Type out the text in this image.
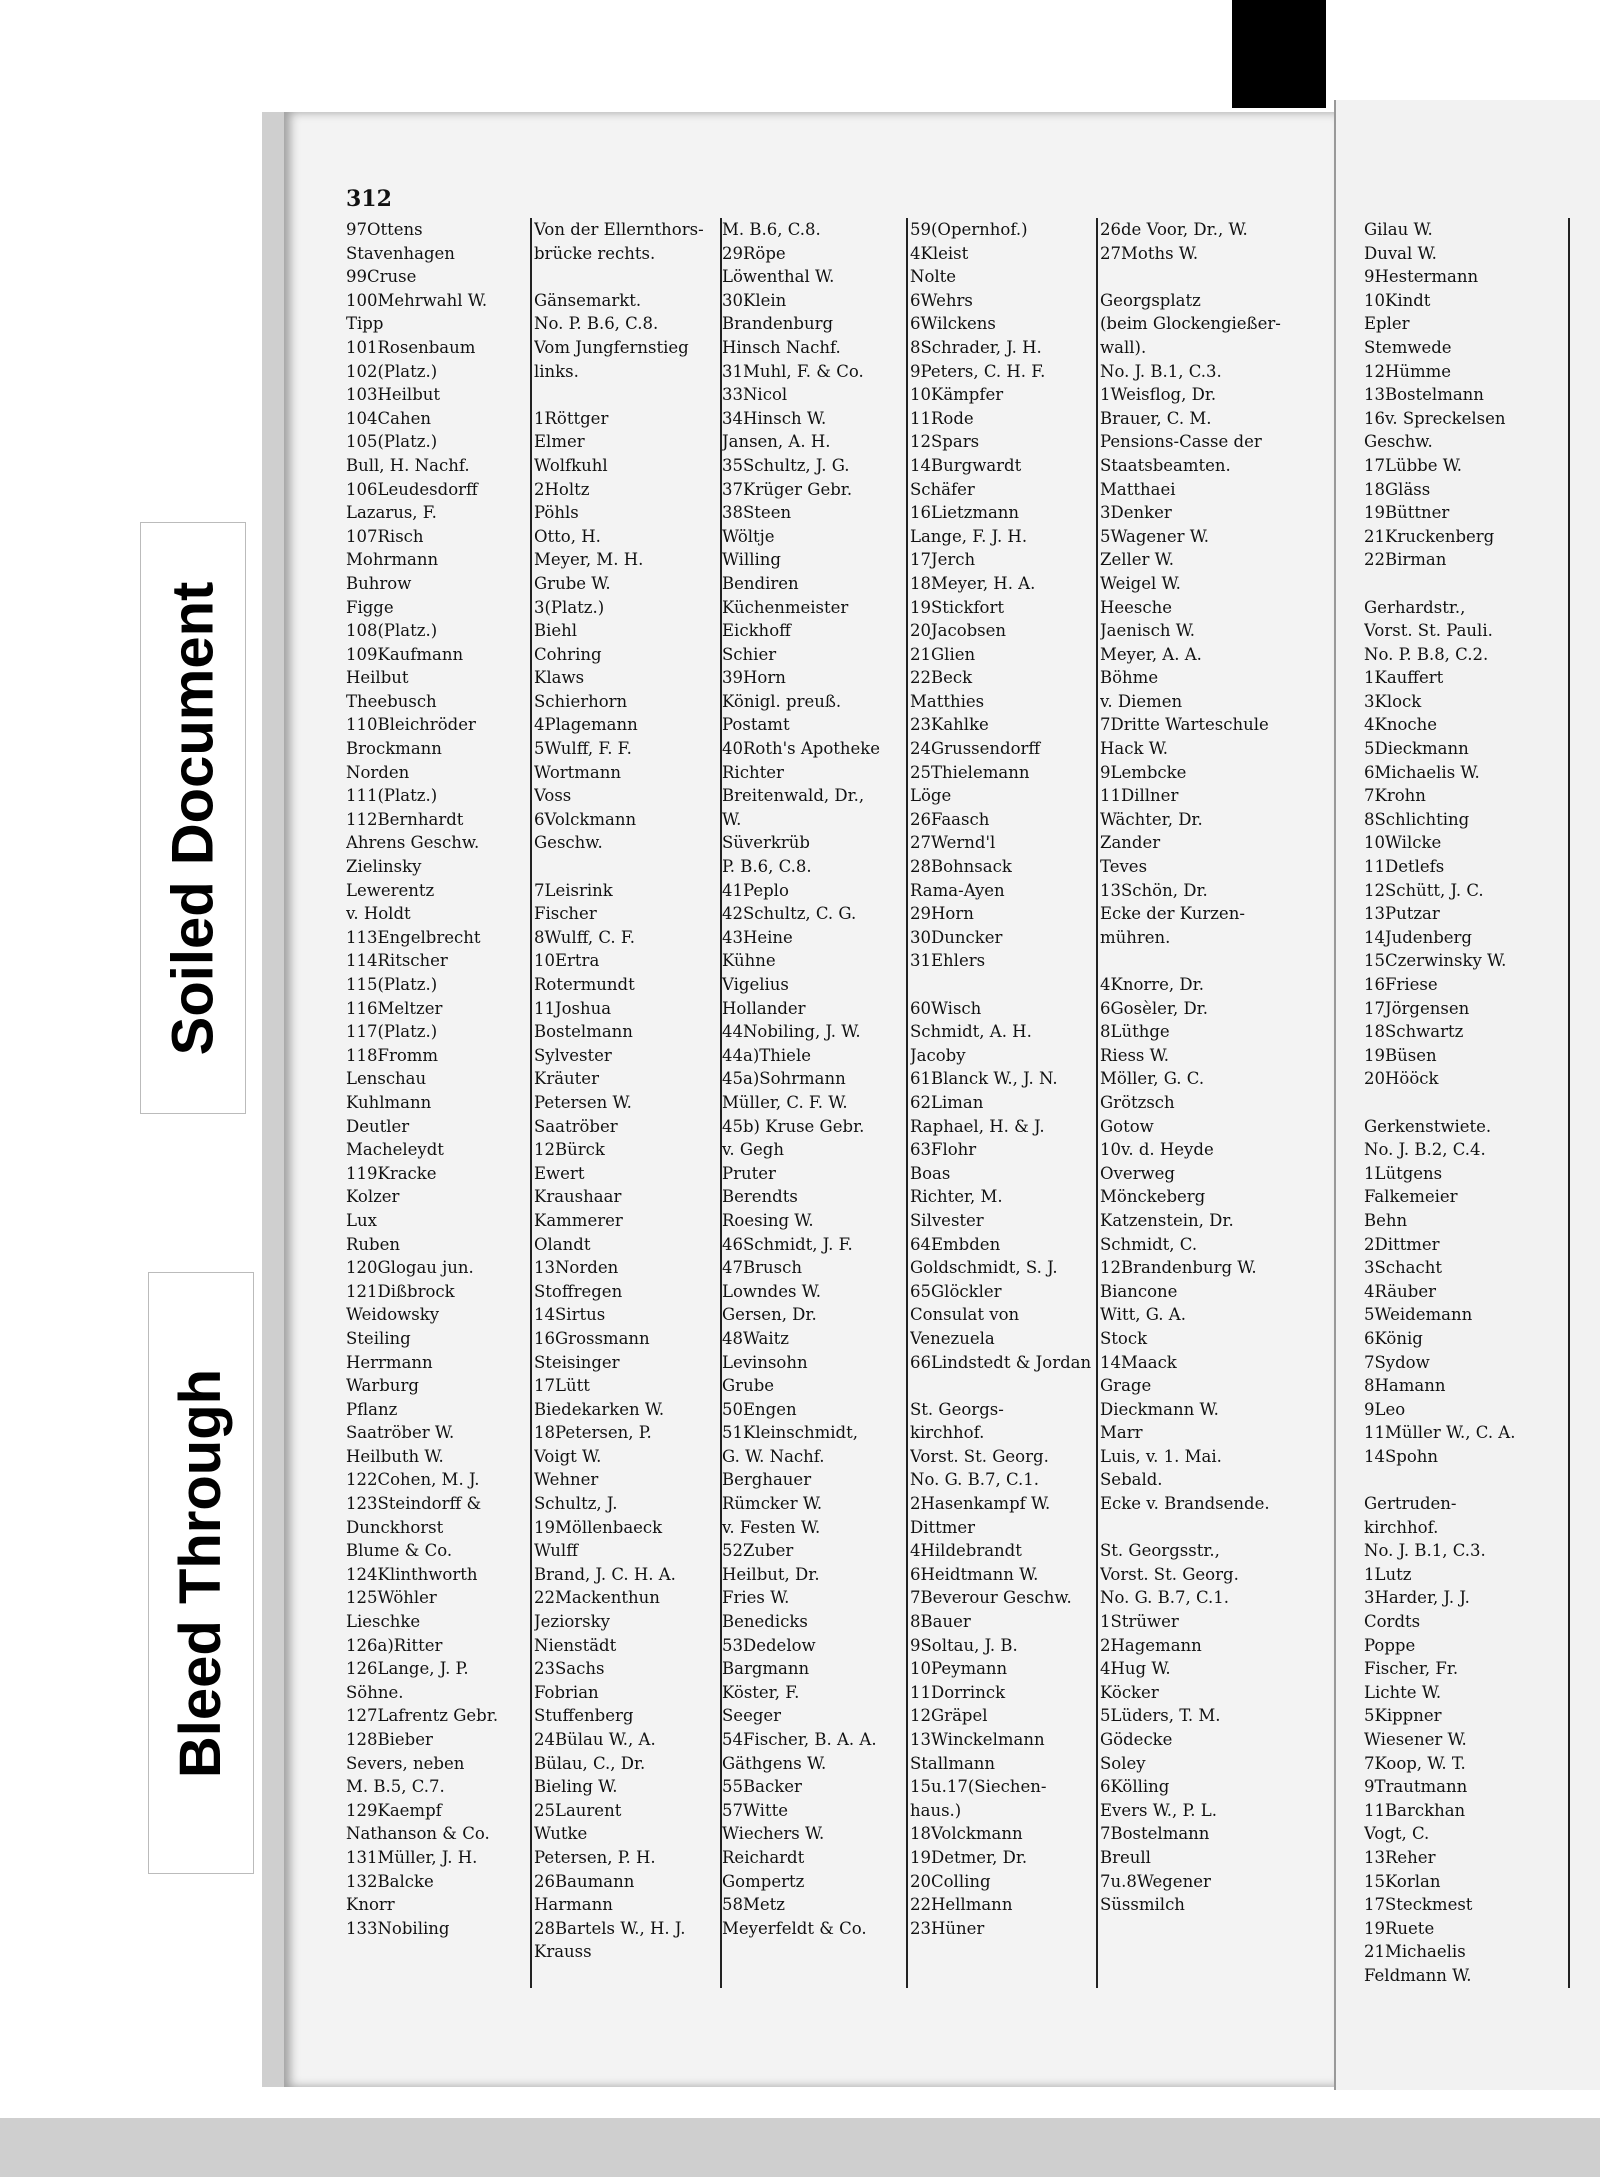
312
97Ottens
Stavenhagen
99Cruse
100Mehrwahl W.
Tipp
101Rosenbaum
102(Platz.)
103Heilbut
104Cahen
105(Platz.)
Bull, H. Nachf.
106Leudesdorff
Lazarus, F.
107Risch
Mohrmann
Buhrow
Figge
108(Platz.)
109Kaufmann
Heilbut
Theebusch
110Bleichröder
Brockmann
Norden
111(Platz.)
112Bernhardt
Ahrens Geschw.
Zielinsky
Lewerentz
v. Holdt
113Engelbrecht
114Ritscher
115(Platz.)
116Meltzer
117(Platz.)
118Fromm
Lenschau
Kuhlmann
Deutler
Macheleydt
119Kracke
Kolzer
Lux
Ruben
120Glogau jun.
121Dißbrock
Weidowsky
Steiling
Herrmann
Warburg
Pflanz
Saatröber W.
Heilbuth W.
122Cohen, M. J.
123Steindorff &
Dunckhorst
Blume & Co.
124Klinthworth
125Wöhler
Lieschke
126a)Ritter
126Lange, J. P.
Söhne.
127Lafrentz Gebr.
128Bieber
Severs, neben
M. B.5, C.7.
129Kaempf
Nathanson & Co.
131Müller, J. H.
132Balcke
Knorr
133Nobiling
Von der Ellernthors-
brücke rechts.
Gänsemarkt.
No. P. B.6, C.8.
Vom Jungfernstieg
links.
1Röttger
Elmer
Wolfkuhl
2Holtz
Pöhls
Otto, H.
Meyer, M. H.
Grube W.
3(Platz.)
Biehl
Cohring
Klaws
Schierhorn
4Plagemann
5Wulff, F. F.
Wortmann
Voss
6Volckmann
Geschw.
7Leisrink
Fischer
8Wulff, C. F.
10Ertra
Rotermundt
11Joshua
Bostelmann
Sylvester
Kräuter
Petersen W.
Saatröber
12Bürck
Ewert
Kraushaar
Kammerer
Olandt
13Norden
Stoffregen
14Sirtus
16Grossmann
Steisinger
17Lütt
Biedekarken W.
18Petersen, P.
Voigt W.
Wehner
Schultz, J.
19Möllenbaeck
Wulff
Brand, J. C. H. A.
22Mackenthun
Jeziorsky
Nienstädt
23Sachs
Fobrian
Stuffenberg
24Bülau W., A.
Bülau, C., Dr.
Bieling W.
25Laurent
Wutke
Petersen, P. H.
26Baumann
Harmann
28Bartels W., H. J.
Krauss
M. B.6, C.8.
29Röpe
Löwenthal W.
30Klein
Brandenburg
Hinsch Nachf.
31Muhl, F. & Co.
33Nicol
34Hinsch W.
Jansen, A. H.
35Schultz, J. G.
37Krüger Gebr.
38Steen
Wöltje
Willing
Bendiren
Küchenmeister
Eickhoff
Schier
39Horn
Königl. preuß.
Postamt
40Roth's Apotheke
Richter
Breitenwald, Dr.,
W.
Süverkrüb
P. B.6, C.8.
41Peplo
42Schultz, C. G.
43Heine
Kühne
Vigelius
Hollander
44Nobiling, J. W.
44a)Thiele
45a)Sohrmann
Müller, C. F. W.
45b) Kruse Gebr.
v. Gegh
Pruter
Berendts
Roesing W.
46Schmidt, J. F.
47Brusch
Lowndes W.
Gersen, Dr.
48Waitz
Levinsohn
Grube
50Engen
51Kleinschmidt,
G. W. Nachf.
Berghauer
Rümcker W.
v. Festen W.
52Zuber
Heilbut, Dr.
Fries W.
Benedicks
53Dedelow
Bargmann
Köster, F.
Seeger
54Fischer, B. A. A.
Gäthgens W.
55Backer
57Witte
Wiechers W.
Reichardt
Gompertz
58Metz
Meyerfeldt & Co.
59(Opernhof.)
4Kleist
Nolte
6Wehrs
6Wilckens
8Schrader, J. H.
9Peters, C. H. F.
10Kämpfer
11Rode
12Spars
14Burgwardt
Schäfer
16Lietzmann
Lange, F. J. H.
17Jerch
18Meyer, H. A.
19Stickfort
20Jacobsen
21Glien
22Beck
Matthies
23Kahlke
24Grussendorff
25Thielemann
Löge
26Faasch
27Wernd'l
28Bohnsack
Rama-Ayen
29Horn
30Duncker
31Ehlers
60Wisch
Schmidt, A. H.
Jacoby
61Blanck W., J. N.
62Liman
Raphael, H. & J.
63Flohr
Boas
Richter, M.
Silvester
64Embden
Goldschmidt, S. J.
65Glöckler
Consulat von
Venezuela
66Lindstedt & Jordan
St. Georgs-
kirchhof.
Vorst. St. Georg.
No. G. B.7, C.1.
2Hasenkampf W.
Dittmer
4Hildebrandt
6Heidtmann W.
7Beverour Geschw.
8Bauer
9Soltau, J. B.
10Peymann
11Dorrinck
12Gräpel
13Winckelmann
Stallmann
15u.17(Siechen-
haus.)
18Volckmann
19Detmer, Dr.
20Colling
22Hellmann
23Hüner
26de Voor, Dr., W.
27Moths W.
Georgsplatz
(beim Glockengießer-
wall).
No. J. B.1, C.3.
1Weisflog, Dr.
Brauer, C. M.
Pensions-Casse der
Staatsbeamten.
Matthaei
3Denker
5Wagener W.
Zeller W.
Weigel W.
Heesche
Jaenisch W.
Meyer, A. A.
Böhme
v. Diemen
7Dritte Warteschule
Hack W.
9Lembcke
11Dillner
Wächter, Dr.
Zander
Teves
13Schön, Dr.
Ecke der Kurzen-
mühren.
4Knorre, Dr.
6Gosèler, Dr.
8Lüthge
Riess W.
Möller, G. C.
Grötzsch
Gotow
10v. d. Heyde
Overweg
Mönckeberg
Katzenstein, Dr.
Schmidt, C.
12Brandenburg W.
Biancone
Witt, G. A.
Stock
14Maack
Grage
Dieckmann W.
Marr
Luis, v. 1. Mai.
Sebald.
Ecke v. Brandsende.
St. Georgsstr.,
Vorst. St. Georg.
No. G. B.7, C.1.
1Strüwer
2Hagemann
4Hug W.
Köcker
5Lüders, T. M.
Gödecke
Soley
6Kölling
Evers W., P. L.
7Bostelmann
Breull
7u.8Wegener
Süssmilch
Gilau W.
Duval W.
9Hestermann
10Kindt
Epler
Stemwede
12Hümme
13Bostelmann
16v. Spreckelsen
Geschw.
17Lübbe W.
18Gläss
19Büttner
21Kruckenberg
22Birman
Gerhardstr.,
Vorst. St. Pauli.
No. P. B.8, C.2.
1Kauffert
3Klock
4Knoche
5Dieckmann
6Michaelis W.
7Krohn
8Schlichting
10Wilcke
11Detlefs
12Schütt, J. C.
13Putzar
14Judenberg
15Czerwinsky W.
16Friese
17Jörgensen
18Schwartz
19Büsen
20Hööck
Gerkenstwiete.
No. J. B.2, C.4.
1Lütgens
Falkemeier
Behn
2Dittmer
3Schacht
4Räuber
5Weidemann
6König
7Sydow
8Hamann
9Leo
11Müller W., C. A.
14Spohn
Gertruden-
kirchhof.
No. J. B.1, C.3.
1Lutz
3Harder, J. J.
Cordts
Poppe
Fischer, Fr.
Lichte W.
5Kippner
Wiesener W.
7Koop, W. T.
9Trautmann
11Barckhan
Vogt, C.
13Reher
15Korlan
17Steckmest
19Ruete
21Michaelis
Feldmann W.
Soiled Document
Bleed Through
